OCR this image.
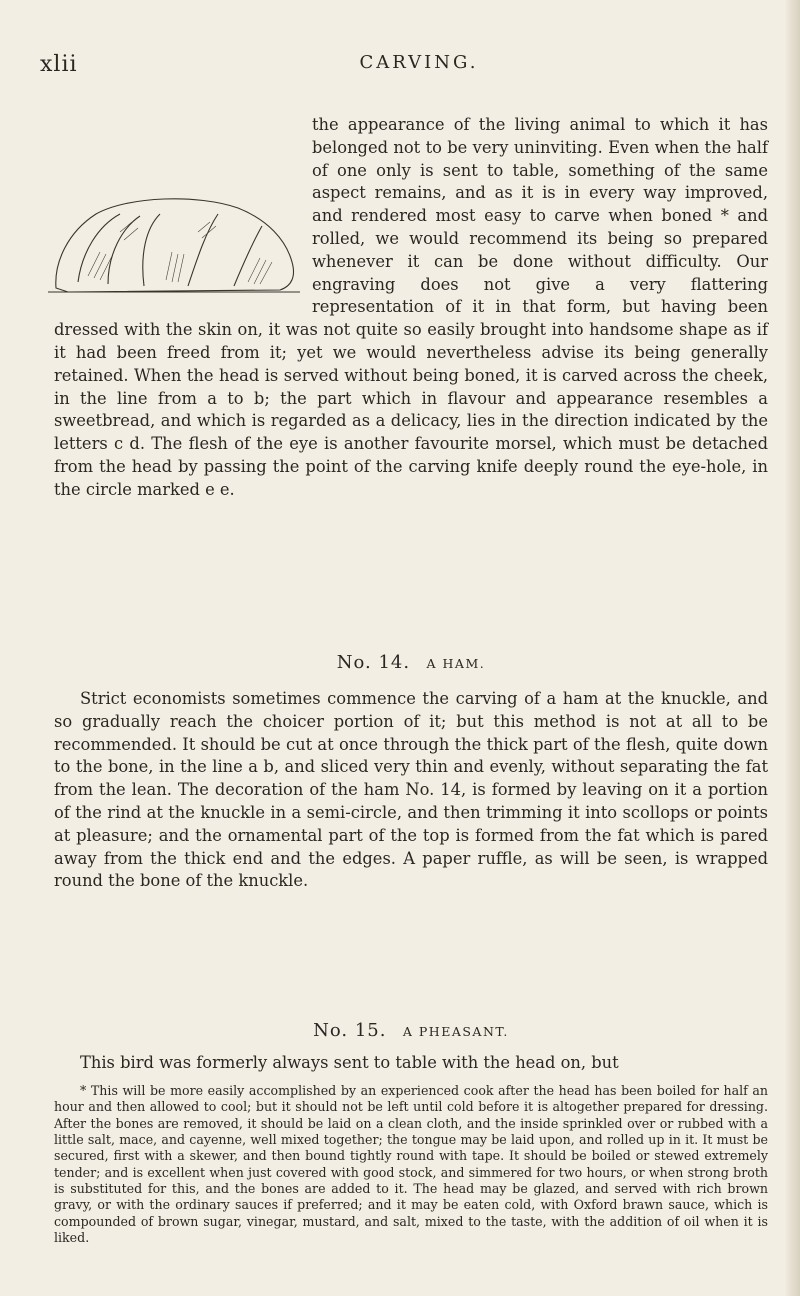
xlii	CARVING.

the appearance of the living animal to which it has belonged not to be very uninviting. Even when the half of one only is sent to table, something of the same aspect remains, and as it is in every way improved, and rendered most easy to carve when boned * and rolled, we would recommend its being so prepared whenever it can be done without difficulty. Our engraving does not give a very flattering representation of it in that form, but having been dressed with the skin on, it was not quite so easily brought into handsome shape as if it had been freed from it; yet we would nevertheless advise its being generally retained. When the head is served without being boned, it is carved across the cheek, in the line from a to b; the part which in flavour and appearance resembles a sweetbread, and which is regarded as a delicacy, lies in the direction indicated by the letters c d. The flesh of the eye is another favourite morsel, which must be detached from the head by passing the point of the carving knife deeply round the eye-hole, in the circle marked e e.

No. 14. A HAM.

Strict economists sometimes commence the carving of a ham at the knuckle, and so gradually reach the choicer portion of it; but this method is not at all to be recommended. It should be cut at once through the thick part of the flesh, quite down to the bone, in the line a b, and sliced very thin and evenly, without separating the fat from the lean. The decoration of the ham No. 14, is formed by leaving on it a portion of the rind at the knuckle in a semi-circle, and then trimming it into scollops or points at pleasure; and the ornamental part of the top is formed from the fat which is pared away from the thick end and the edges. A paper ruffle, as will be seen, is wrapped round the bone of the knuckle.

No. 15. A PHEASANT.

This bird was formerly always sent to table with the head on, but

* This will be more easily accomplished by an experienced cook after the head has been boiled for half an hour and then allowed to cool; but it should not be left until cold before it is altogether prepared for dressing. After the bones are removed, it should be laid on a clean cloth, and the inside sprinkled over or rubbed with a little salt, mace, and cayenne, well mixed together; the tongue may be laid upon, and rolled up in it. It must be secured, first with a skewer, and then bound tightly round with tape. It should be boiled or stewed extremely tender; and is excellent when just covered with good stock, and simmered for two hours, or when strong broth is substituted for this, and the bones are added to it. The head may be glazed, and served with rich brown gravy, or with the ordinary sauces if preferred; and it may be eaten cold, with Oxford brawn sauce, which is compounded of brown sugar, vinegar, mustard, and salt, mixed to the taste, with the addition of oil when it is liked.
